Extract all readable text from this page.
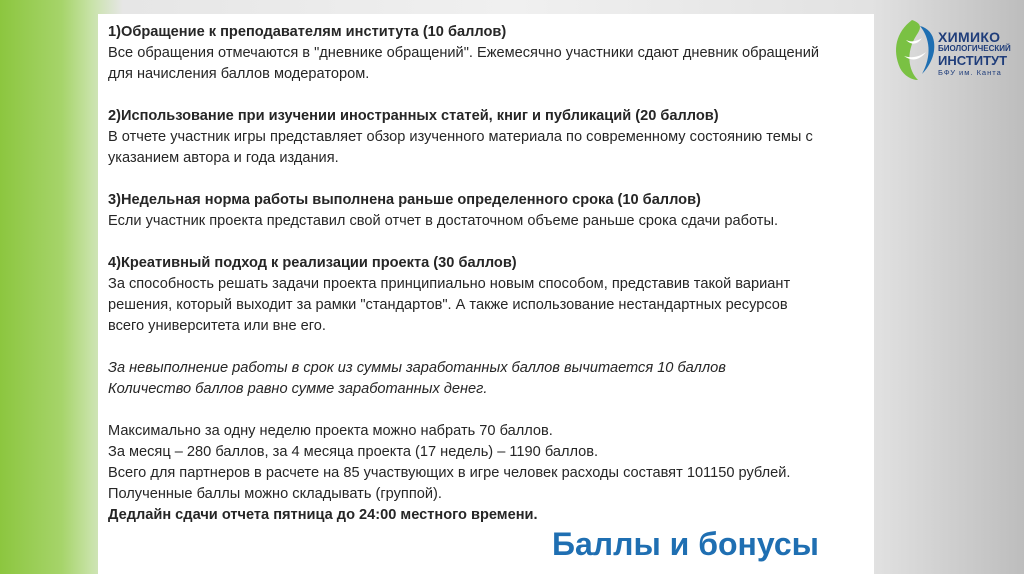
1)Обращение к преподавателям института (10 баллов)
Все обращения отмечаются в "дневнике обращений". Ежемесячно участники сдают дневник обращений
для начисления баллов модератором.
2)Использование при изучении иностранных статей, книг и публикаций (20 баллов)
В отчете участник игры представляет обзор изученного материала по современному состоянию темы с
указанием автора и года издания.
3)Недельная норма работы выполнена раньше определенного срока (10 баллов)
Если участник проекта представил свой отчет в достаточном объеме раньше срока сдачи работы.
4)Креативный подход к реализации проекта (30 баллов)
За способность решать задачи проекта принципиально новым способом, представив такой вариант
решения, который выходит за рамки "стандартов". А также использование нестандартных ресурсов
всего университета или вне его.
За невыполнение работы в срок из суммы заработанных баллов вычитается 10 баллов
Количество баллов равно сумме заработанных денег.
Максимально за одну неделю проекта можно набрать 70 баллов.
За месяц – 280 баллов, за 4 месяца проекта (17 недель) – 1190 баллов.
Всего для партнеров в расчете на 85 участвующих в игре человек расходы составят 101150 рублей.
Полученные баллы можно складывать (группой).
Дедлайн сдачи отчета пятница до 24:00 местного времени.
Баллы и бонусы
ХИМИКО
БИОЛОГИЧЕСКИЙ
ИНСТИТУТ
БФУ им. Канта
